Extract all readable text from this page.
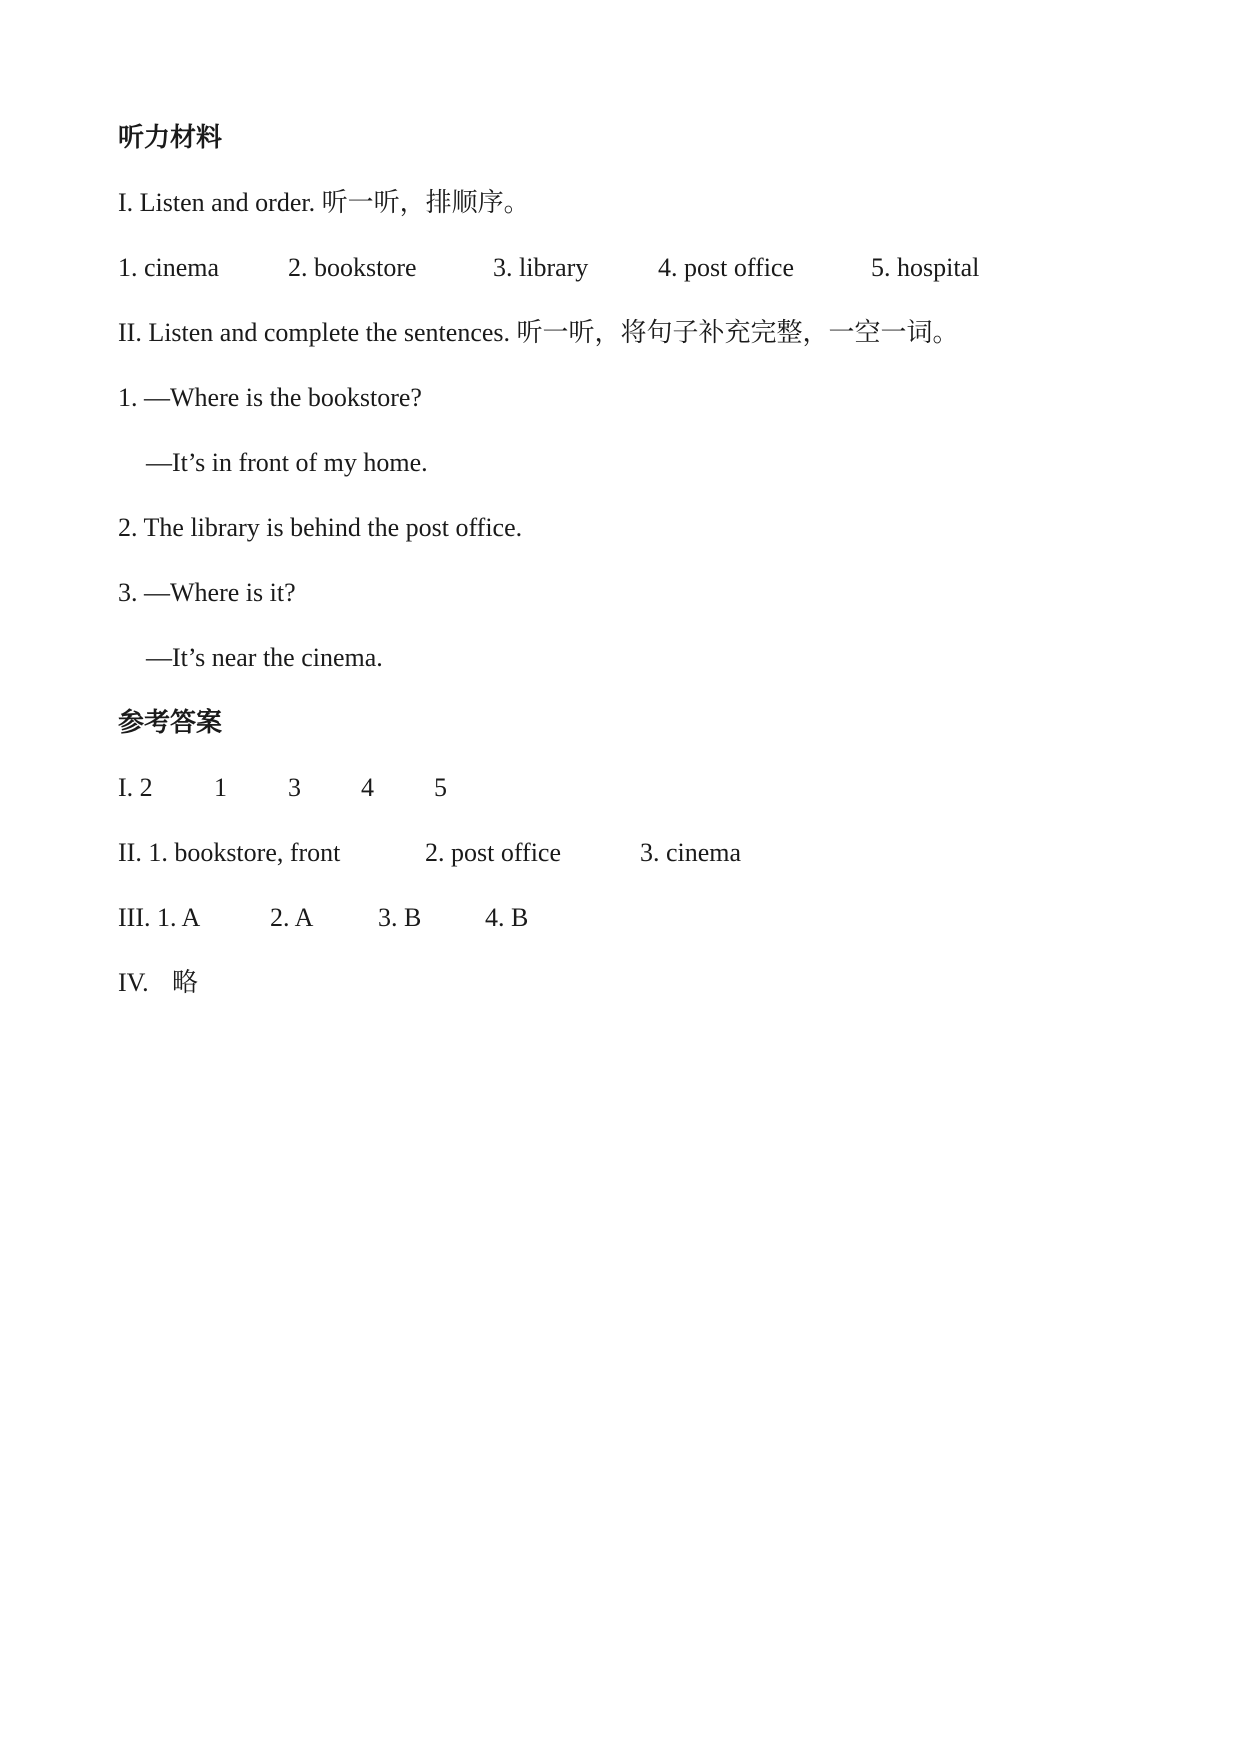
听力材料
I. Listen and order. 听一听，排顺序。
1. cinema	2. bookstore	3. library	4. post office	5. hospital
II. Listen and complete the sentences. 听一听，将句子补充完整，一空一词。
1. —Where is the bookstore?
—It’s in front of my home.
2. The library is behind the post office.
3. —Where is it?
—It’s near the cinema.
参考答案
I. 2 1 3 4 5
II. 1. bookstore, front	2. post office	3. cinema
III. 1. A	2. A 3. B 4. B
IV. 略
